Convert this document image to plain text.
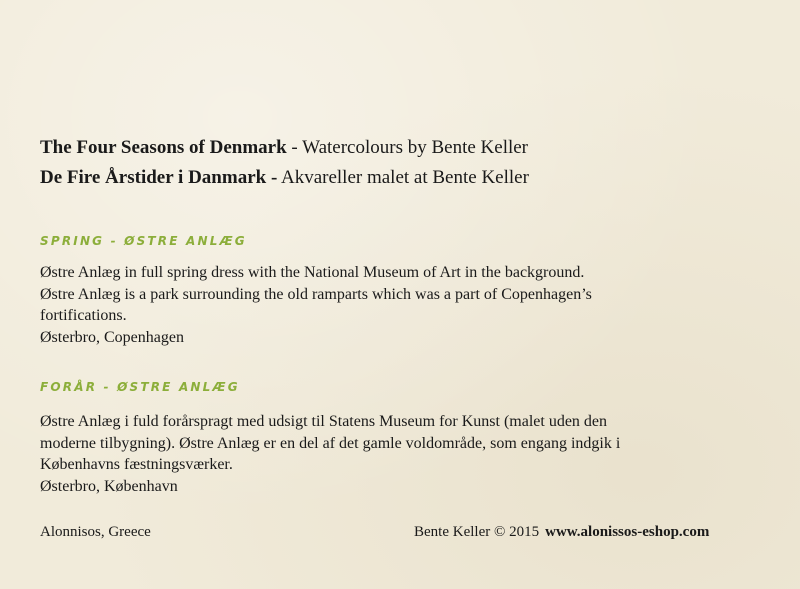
The Four Seasons of Denmark - Watercolours by Bente Keller
De Fire Årstider i Danmark - Akvareller malet at Bente Keller
SPRING - ØSTRE ANLÆG
Østre Anlæg in full spring dress with the National Museum of Art in the background.
Østre Anlæg is a park surrounding the old ramparts which was a part of Copenhagen’s
fortifications.
Østerbro, Copenhagen
FORÅR - ØSTRE ANLÆG
Østre Anlæg i fuld forårspragt med udsigt til Statens Museum for Kunst (malet uden den
moderne tilbygning). Østre Anlæg er en del af det gamle voldområde, som engang indgik i
Københavns fæstningsværker.
Østerbro, København
Alonnisos, Greece	Bente Keller © 2015 www.alonissos-eshop.com
